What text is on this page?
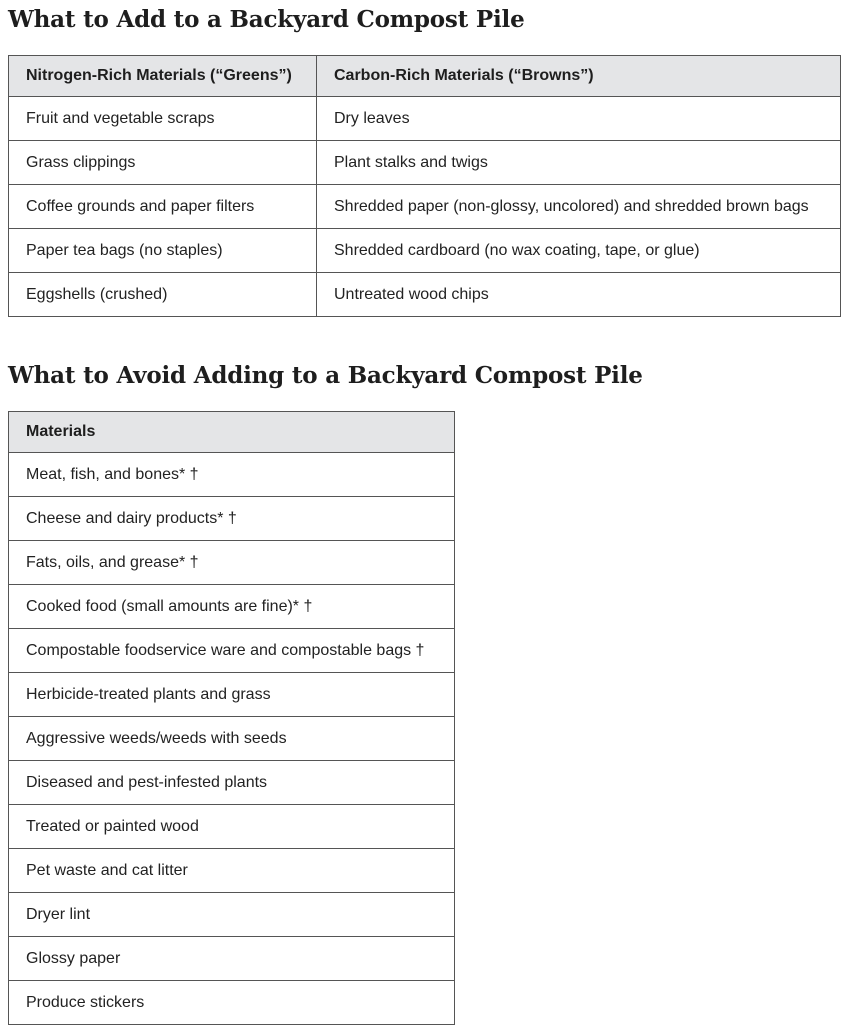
What to Add to a Backyard Compost Pile
Nitrogen-Rich Materials (“Greens”)	Carbon-Rich Materials (“Browns”)
Fruit and vegetable scraps	Dry leaves
Grass clippings	Plant stalks and twigs
Coffee grounds and paper filters	Shredded paper (non-glossy, uncolored) and shredded brown bags
Paper tea bags (no staples)	Shredded cardboard (no wax coating, tape, or glue)
Eggshells (crushed)	Untreated wood chips
What to Avoid Adding to a Backyard Compost Pile
Materials
Meat, fish, and bones* †
Cheese and dairy products* †
Fats, oils, and grease* †
Cooked food (small amounts are fine)* †
Compostable foodservice ware and compostable bags †
Herbicide-treated plants and grass
Aggressive weeds/weeds with seeds
Diseased and pest-infested plants
Treated or painted wood
Pet waste and cat litter
Dryer lint
Glossy paper
Produce stickers
